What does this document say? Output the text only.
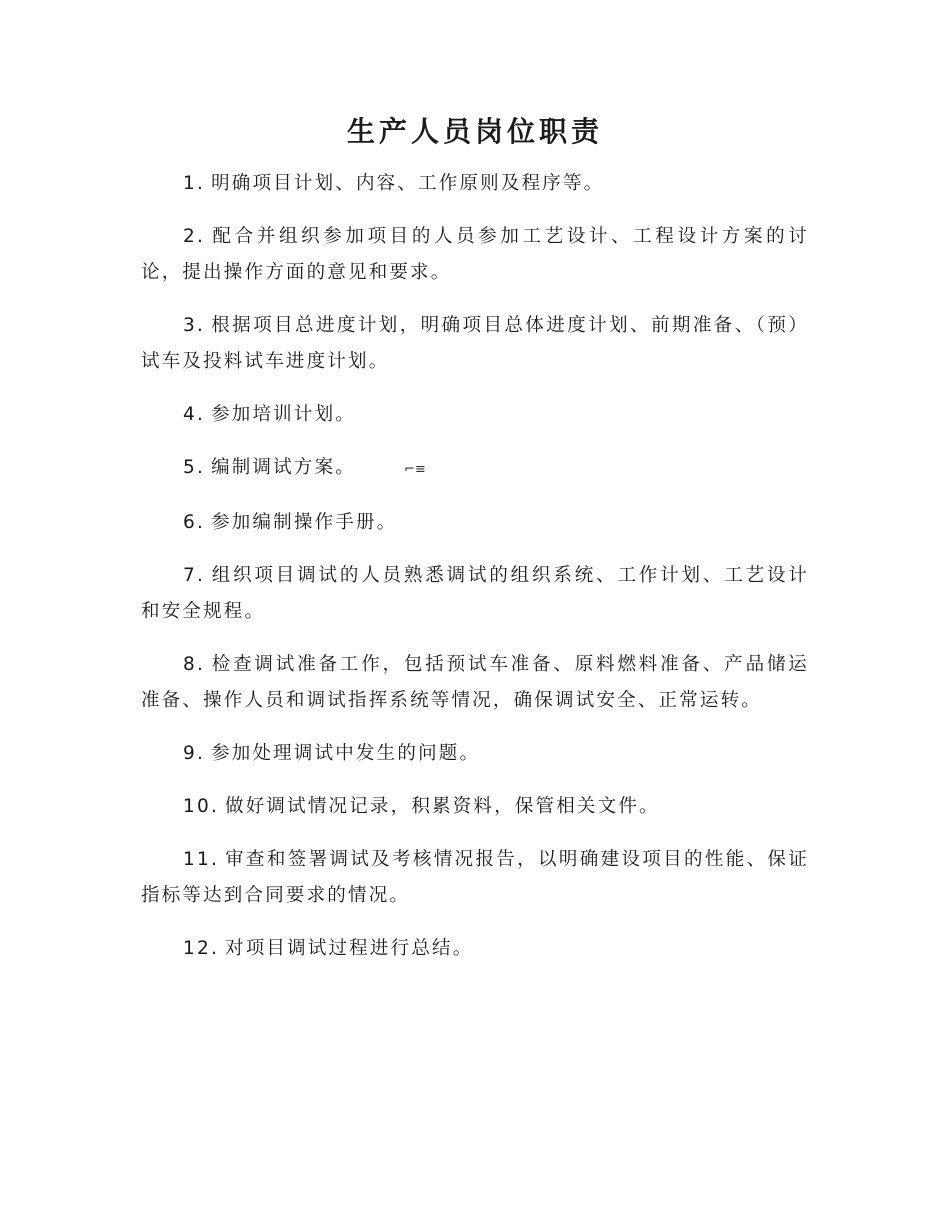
生产人员岗位职责

1. 明确项目计划、内容、工作原则及程序等。

2. 配合并组织参加项目的人员参加工艺设计、工程设计方案的讨论，提出操作方面的意见和要求。

3. 根据项目总进度计划，明确项目总体进度计划、前期准备、（预）试车及投料试车进度计划。

4. 参加培训计划。

5. 编制调试方案。	⌐≡

6. 参加编制操作手册。

7. 组织项目调试的人员熟悉调试的组织系统、工作计划、工艺设计和安全规程。

8. 检查调试准备工作，包括预试车准备、原料燃料准备、产品储运准备、操作人员和调试指挥系统等情况，确保调试安全、正常运转。

9. 参加处理调试中发生的问题。

10. 做好调试情况记录，积累资料，保管相关文件。

11. 审查和签署调试及考核情况报告，以明确建设项目的性能、保证指标等达到合同要求的情况。

12. 对项目调试过程进行总结。
